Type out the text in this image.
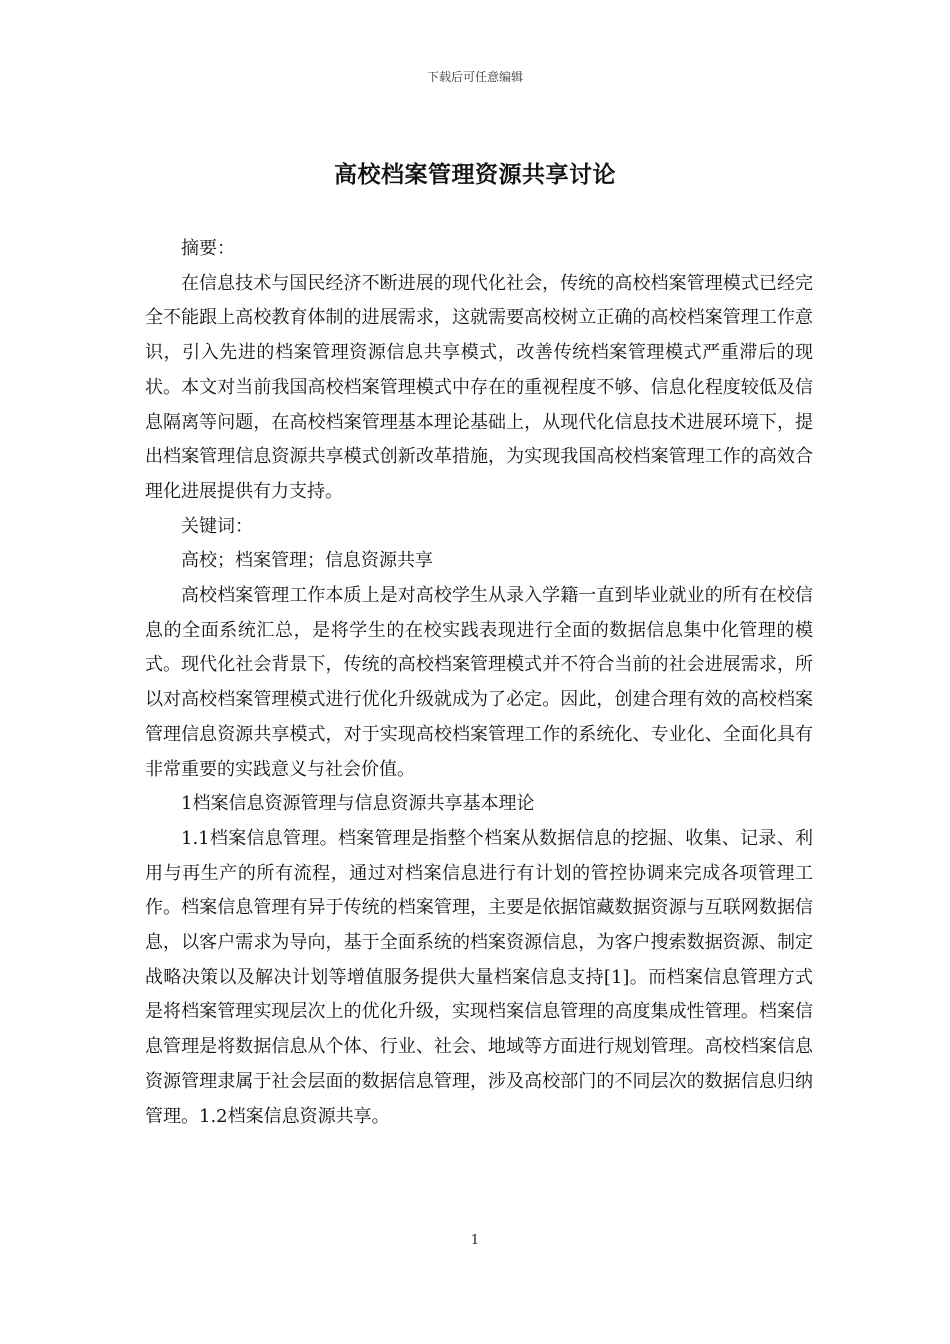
下载后可任意编辑
高校档案管理资源共享讨论

摘要：

在信息技术与国民经济不断进展的现代化社会，传统的高校档案管理模式已经完全不能跟上高校教育体制的进展需求，这就需要高校树立正确的高校档案管理工作意识，引入先进的档案管理资源信息共享模式，改善传统档案管理模式严重滞后的现状。本文对当前我国高校档案管理模式中存在的重视程度不够、信息化程度较低及信息隔离等问题，在高校档案管理基本理论基础上，从现代化信息技术进展环境下，提出档案管理信息资源共享模式创新改革措施，为实现我国高校档案管理工作的高效合理化进展提供有力支持。

关键词：

高校；档案管理；信息资源共享

高校档案管理工作本质上是对高校学生从录入学籍一直到毕业就业的所有在校信息的全面系统汇总，是将学生的在校实践表现进行全面的数据信息集中化管理的模式。现代化社会背景下，传统的高校档案管理模式并不符合当前的社会进展需求，所以对高校档案管理模式进行优化升级就成为了必定。因此，创建合理有效的高校档案管理信息资源共享模式，对于实现高校档案管理工作的系统化、专业化、全面化具有非常重要的实践意义与社会价值。

1档案信息资源管理与信息资源共享基本理论

1.1档案信息管理。档案管理是指整个档案从数据信息的挖掘、收集、记录、利用与再生产的所有流程，通过对档案信息进行有计划的管控协调来完成各项管理工作。档案信息管理有异于传统的档案管理，主要是依据馆藏数据资源与互联网数据信息，以客户需求为导向，基于全面系统的档案资源信息，为客户搜索数据资源、制定战略决策以及解决计划等增值服务提供大量档案信息支持[1]。而档案信息管理方式是将档案管理实现层次上的优化升级，实现档案信息管理的高度集成性管理。档案信息管理是将数据信息从个体、行业、社会、地域等方面进行规划管理。高校档案信息资源管理隶属于社会层面的数据信息管理，涉及高校部门的不同层次的数据信息归纳管理。1.2档案信息资源共享。

1
